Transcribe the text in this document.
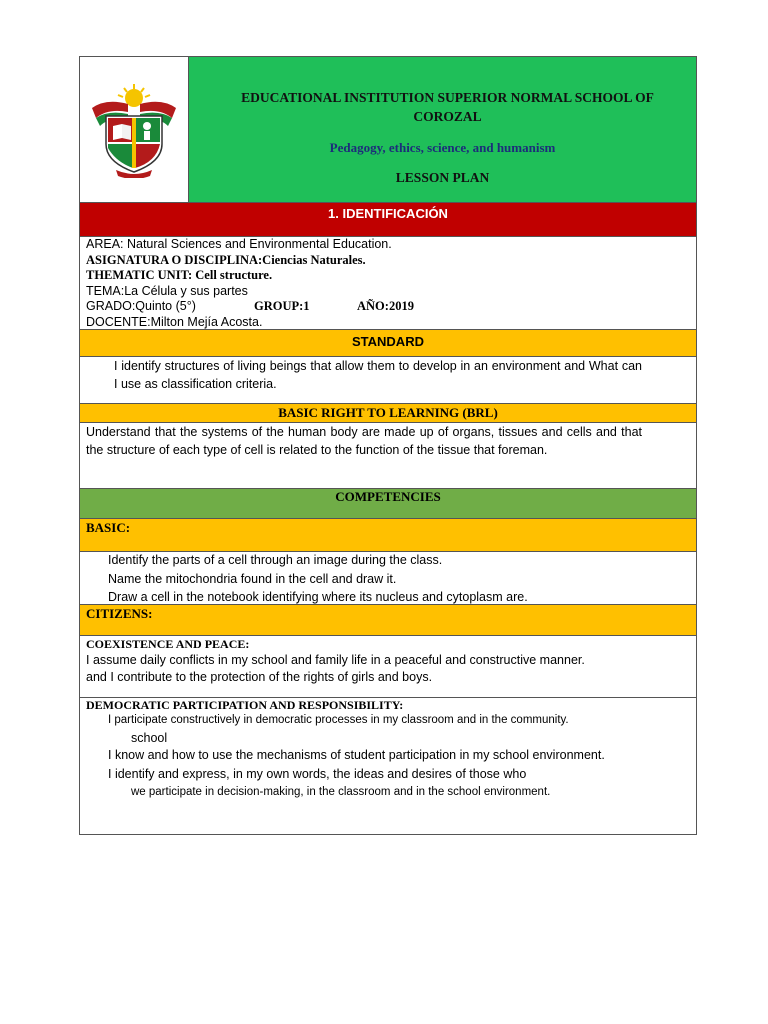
EDUCATIONAL INSTITUTION SUPERIOR NORMAL SCHOOL OF COROZAL
Pedagogy, ethics, science, and humanism
LESSON PLAN
1. IDENTIFICACIÓN
AREA: Natural Sciences and Environmental Education.
ASIGNATURA O DISCIPLINA:Ciencias Naturales.
THEMATIC UNIT: Cell structure.
TEMA:La Célula y sus partes
GRADO:Quinto (5°)	GROUP:1	AÑO:2019
DOCENTE:Milton Mejía Acosta.
STANDARD
I identify structures of living beings that allow them to develop in an environment and What can I use as classification criteria.
BASIC RIGHT TO LEARNING (BRL)
Understand that the systems of the human body are made up of organs, tissues and cells and that the structure of each type of cell is related to the function of the tissue that foreman.
COMPETENCIES
BASIC:
Identify the parts of a cell through an image during the class.
Name the mitochondria found in the cell and draw it.
Draw a cell in the notebook identifying where its nucleus and cytoplasm are.
CITIZENS:
COEXISTENCE AND PEACE:
I assume daily conflicts in my school and family life in a peaceful and constructive manner.
and I contribute to the protection of the rights of girls and boys.
DEMOCRATIC PARTICIPATION AND RESPONSIBILITY:
I participate constructively in democratic processes in my classroom and in the community.
school
I know and how to use the mechanisms of student participation in my school environment.
I identify and express, in my own words, the ideas and desires of those who
we participate in decision-making, in the classroom and in the school environment.
